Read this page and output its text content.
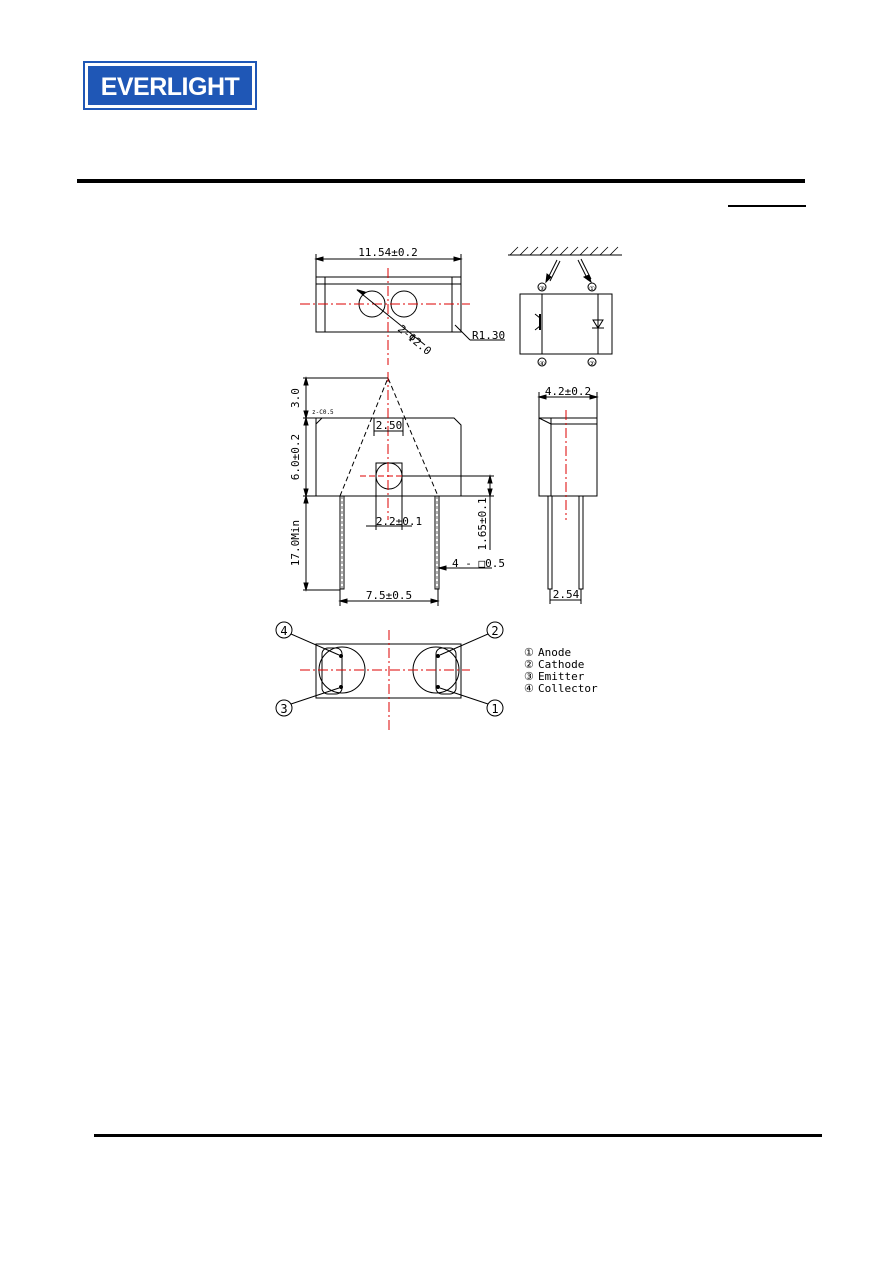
EVERLIGHT
11.54±0.2
2-Φ2.0	R1.30
③	①
④	②
3.0
6.0±0.2
17.0Min
z-C0.5
2.50
2.2±0.1	1.65±0.1
4 - □0.5
7.5±0.5
4.2±0.2
2.54
4
3
2
1
① Anode
② Cathode
③ Emitter
④ Collector
